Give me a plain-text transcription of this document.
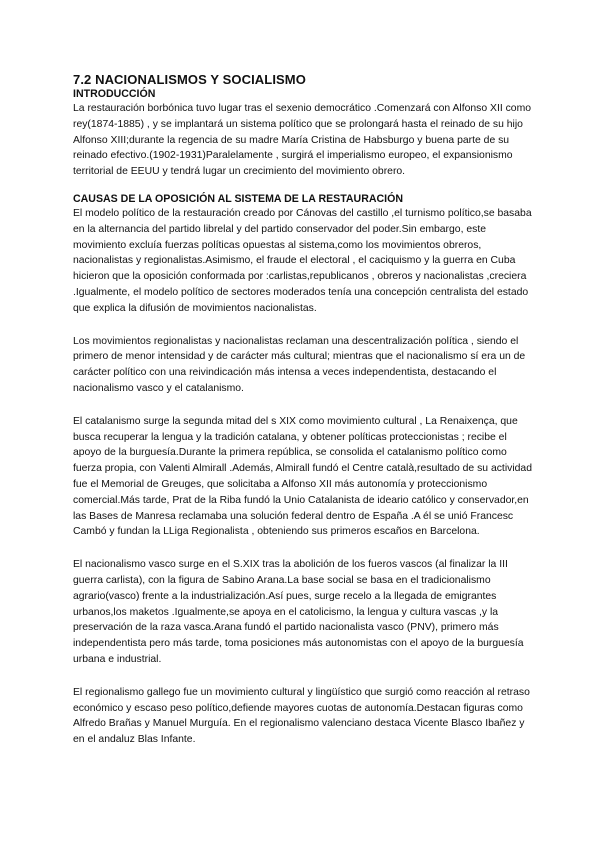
7.2 NACIONALISMOS Y SOCIALISMO
INTRODUCCIÓN

La restauración borbónica tuvo lugar tras el sexenio democrático .Comenzará con Alfonso XII como rey(1874-1885) , y se implantará un sistema político que se prolongará hasta el reinado de su hijo Alfonso XIII;durante la regencia de su madre María Cristina de Habsburgo y buena parte de su reinado efectivo.(1902-1931)Paralelamente , surgirá el imperialismo europeo, el expansionismo territorial de EEUU y tendrá lugar un crecimiento del movimiento obrero.

CAUSAS DE LA OPOSICIÓN AL SISTEMA DE LA RESTAURACIÓN

El modelo político de la restauración creado por Cánovas del castillo ,el turnismo político,se basaba en la alternancia del partido librelal y del partido conservador del poder.Sin embargo, este movimiento excluía fuerzas políticas opuestas al sistema,como los movimientos obreros, nacionalistas y regionalistas.Asimismo, el fraude el electoral , el caciquismo y la guerra en Cuba hicieron que la oposición conformada por :carlistas,republicanos , obreros y nacionalistas ,creciera .Igualmente, el modelo político de sectores moderados tenía una concepción centralista del estado que explica la difusión de movimientos nacionalistas.

Los movimientos regionalistas y nacionalistas reclaman una descentralización política , siendo el primero de menor intensidad y de carácter más cultural; mientras que el nacionalismo sí era un de carácter político con una reivindicación más intensa a veces independentista, destacando el nacionalismo vasco y el catalanismo.

El catalanismo surge la segunda mitad del s XIX como movimiento cultural , La Renaixença, que busca recuperar la lengua y la tradición catalana, y obtener políticas proteccionistas ; recibe el apoyo de la burguesía.Durante la primera república, se consolida el catalanismo político como fuerza propia, con Valenti Almirall .Además, Almirall fundó el Centre català,resultado de su actividad fue el Memorial de Greuges, que solicitaba a Alfonso XII más autonomía y proteccionismo comercial.Más tarde, Prat de la Riba fundó la Unio Catalanista de ideario católico y conservador,en las Bases de Manresa reclamaba una solución federal dentro de España .A él se unió Francesc Cambó y fundan la LLiga Regionalista , obteniendo sus primeros escaños en Barcelona.

El nacionalismo vasco surge en el S.XIX tras la abolición de los fueros vascos (al finalizar la III guerra carlista), con la figura de Sabino Arana.La base social se basa en el tradicionalismo agrario(vasco) frente a la industrialización.Así pues, surge recelo a la llegada de emigrantes urbanos,los maketos .Igualmente,se apoya en el catolicismo, la lengua y cultura vascas ,y la preservación de la raza vasca.Arana fundó el partido nacionalista vasco (PNV), primero más independentista pero más tarde, toma posiciones más autonomistas con el apoyo de la burguesía urbana e industrial.

El regionalismo gallego fue un movimiento cultural y lingüístico que surgió como reacción al retraso económico y escaso peso político,defiende mayores cuotas de autonomía.Destacan figuras como Alfredo Brañas y Manuel Murguía. En el regionalismo valenciano destaca Vicente Blasco Ibañez y en el andaluz Blas Infante.
